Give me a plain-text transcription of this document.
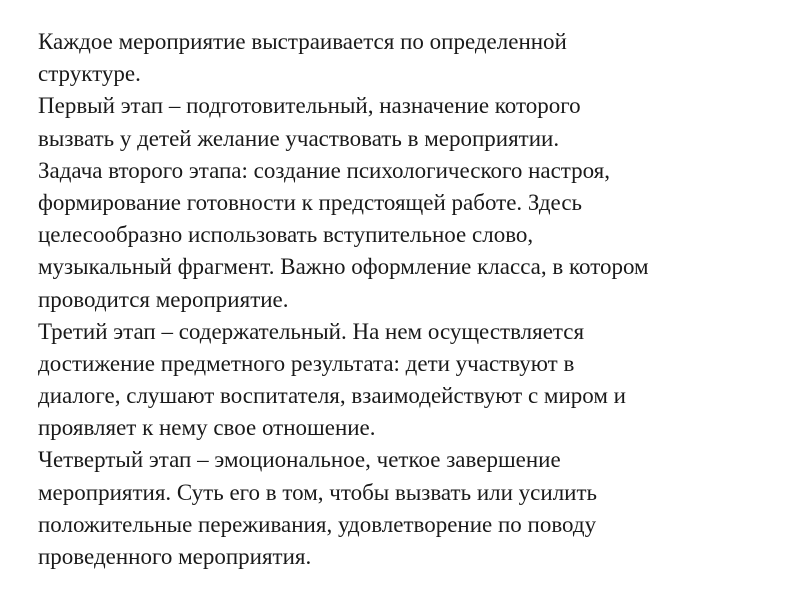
Каждое мероприятие выстраивается по определенной
структуре.
Первый этап – подготовительный, назначение которого
вызвать у детей желание участвовать в мероприятии.
Задача второго этапа: создание психологического настроя,
формирование готовности к предстоящей работе. Здесь
целесообразно использовать вступительное слово,
музыкальный фрагмент. Важно оформление класса, в котором
проводится мероприятие.
Третий этап – содержательный. На нем осуществляется
достижение предметного результата: дети участвуют в
диалоге, слушают воспитателя, взаимодействуют с миром и
проявляет к нему свое отношение.
Четвертый этап – эмоциональное, четкое завершение
мероприятия. Суть его в том, чтобы вызвать или усилить
положительные переживания, удовлетворение по поводу
проведенного мероприятия.
